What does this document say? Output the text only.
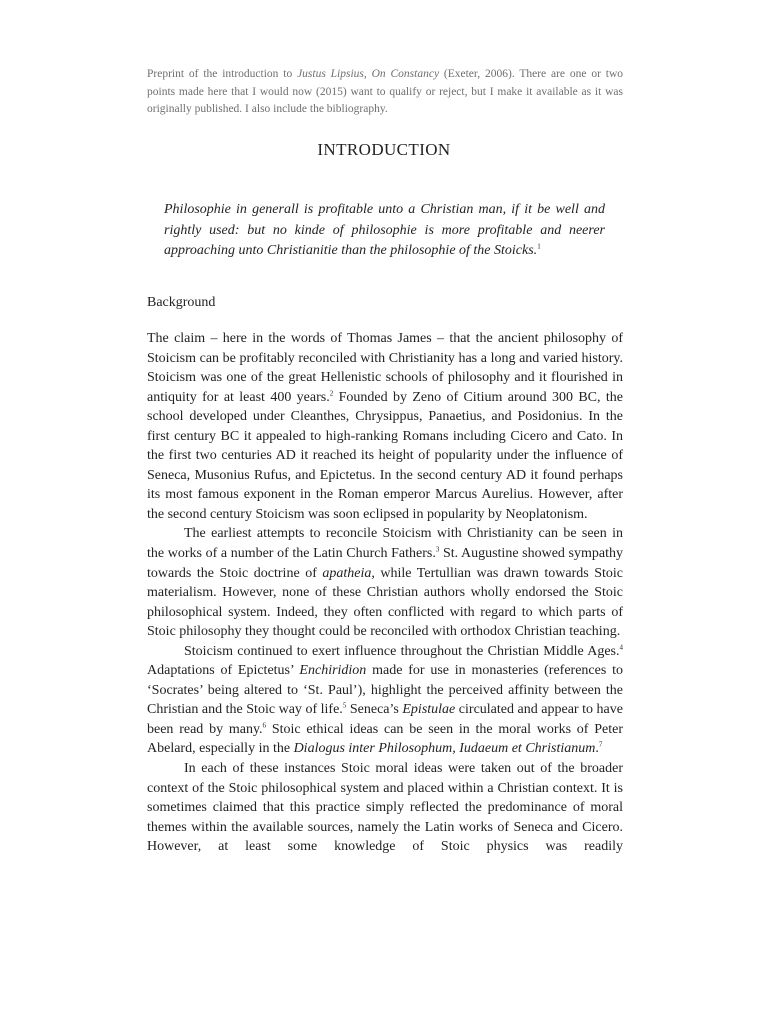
Preprint of the introduction to Justus Lipsius, On Constancy (Exeter, 2006). There are one or two points made here that I would now (2015) want to qualify or reject, but I make it available as it was originally published. I also include the bibliography.
INTRODUCTION
Philosophie in generall is profitable unto a Christian man, if it be well and rightly used: but no kinde of philosophie is more profitable and neerer approaching unto Christianitie than the philosophie of the Stoicks.$^1$
Background

The claim – here in the words of Thomas James – that the ancient philosophy of Stoicism can be profitably reconciled with Christianity has a long and varied history. Stoicism was one of the great Hellenistic schools of philosophy and it flourished in antiquity for at least 400 years.$^2$ Founded by Zeno of Citium around 300 BC, the school developed under Cleanthes, Chrysippus, Panaetius, and Posidonius. In the first century BC it appealed to high-ranking Romans including Cicero and Cato. In the first two centuries AD it reached its height of popularity under the influence of Seneca, Musonius Rufus, and Epictetus. In the second century AD it found perhaps its most famous exponent in the Roman emperor Marcus Aurelius. However, after the second century Stoicism was soon eclipsed in popularity by Neoplatonism.

The earliest attempts to reconcile Stoicism with Christianity can be seen in the works of a number of the Latin Church Fathers.$^3$ St. Augustine showed sympathy towards the Stoic doctrine of apatheia, while Tertullian was drawn towards Stoic materialism. However, none of these Christian authors wholly endorsed the Stoic philosophical system. Indeed, they often conflicted with regard to which parts of Stoic philosophy they thought could be reconciled with orthodox Christian teaching.

Stoicism continued to exert influence throughout the Christian Middle Ages.$^4$ Adaptations of Epictetus’ Enchiridion made for use in monasteries (references to ‘Socrates’ being altered to ‘St. Paul’), highlight the perceived affinity between the Christian and the Stoic way of life.$^5$ Seneca’s Epistulae circulated and appear to have been read by many.$^6$ Stoic ethical ideas can be seen in the moral works of Peter Abelard, especially in the Dialogus inter Philosophum, Iudaeum et Christianum.$^7$

In each of these instances Stoic moral ideas were taken out of the broader context of the Stoic philosophical system and placed within a Christian context. It is sometimes claimed that this practice simply reflected the predominance of moral themes within the available sources, namely the Latin works of Seneca and Cicero. However, at least some knowledge of Stoic physics was readily
